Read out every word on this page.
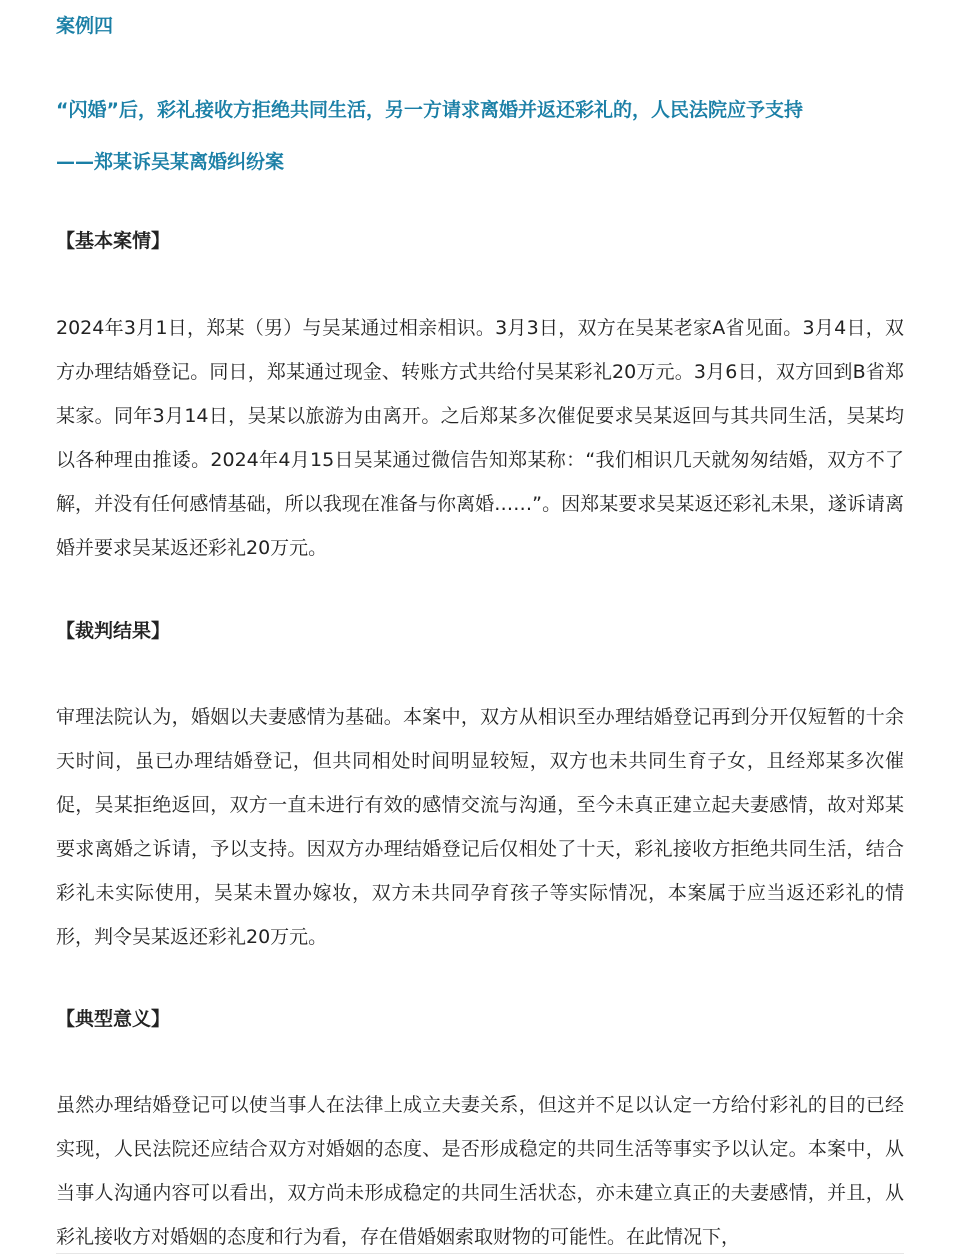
案例四
“闪婚”后，彩礼接收方拒绝共同生活，另一方请求离婚并返还彩礼的，人民法院应予支持
——郑某诉吴某离婚纠纷案
【基本案情】

2024年3月1日，郑某（男）与吴某通过相亲相识。3月3日，双方在吴某老家A省见面。3月4日，双方办理结婚登记。同日，郑某通过现金、转账方式共给付吴某彩礼20万元。3月6日，双方回到B省郑某家。同年3月14日，吴某以旅游为由离开。之后郑某多次催促要求吴某返回与其共同生活，吴某均以各种理由推诿。2024年4月15日吴某通过微信告知郑某称：“我们相识几天就匆匆结婚，双方不了解，并没有任何感情基础，所以我现在准备与你离婚……”。因郑某要求吴某返还彩礼未果，遂诉请离婚并要求吴某返还彩礼20万元。

【裁判结果】

审理法院认为，婚姻以夫妻感情为基础。本案中，双方从相识至办理结婚登记再到分开仅短暂的十余天时间，虽已办理结婚登记，但共同相处时间明显较短，双方也未共同生育子女，且经郑某多次催促，吴某拒绝返回，双方一直未进行有效的感情交流与沟通，至今未真正建立起夫妻感情，故对郑某要求离婚之诉请，予以支持。因双方办理结婚登记后仅相处了十天，彩礼接收方拒绝共同生活，结合彩礼未实际使用，吴某未置办嫁妆，双方未共同孕育孩子等实际情况，本案属于应当返还彩礼的情形，判令吴某返还彩礼20万元。

【典型意义】

虽然办理结婚登记可以使当事人在法律上成立夫妻关系，但这并不足以认定一方给付彩礼的目的已经实现，人民法院还应结合双方对婚姻的态度、是否形成稳定的共同生活等事实予以认定。本案中，从当事人沟通内容可以看出，双方尚未形成稳定的共同生活状态，亦未建立真正的夫妻感情，并且，从彩礼接收方对婚姻的态度和行为看，存在借婚姻索取财物的可能性。在此情况下，
